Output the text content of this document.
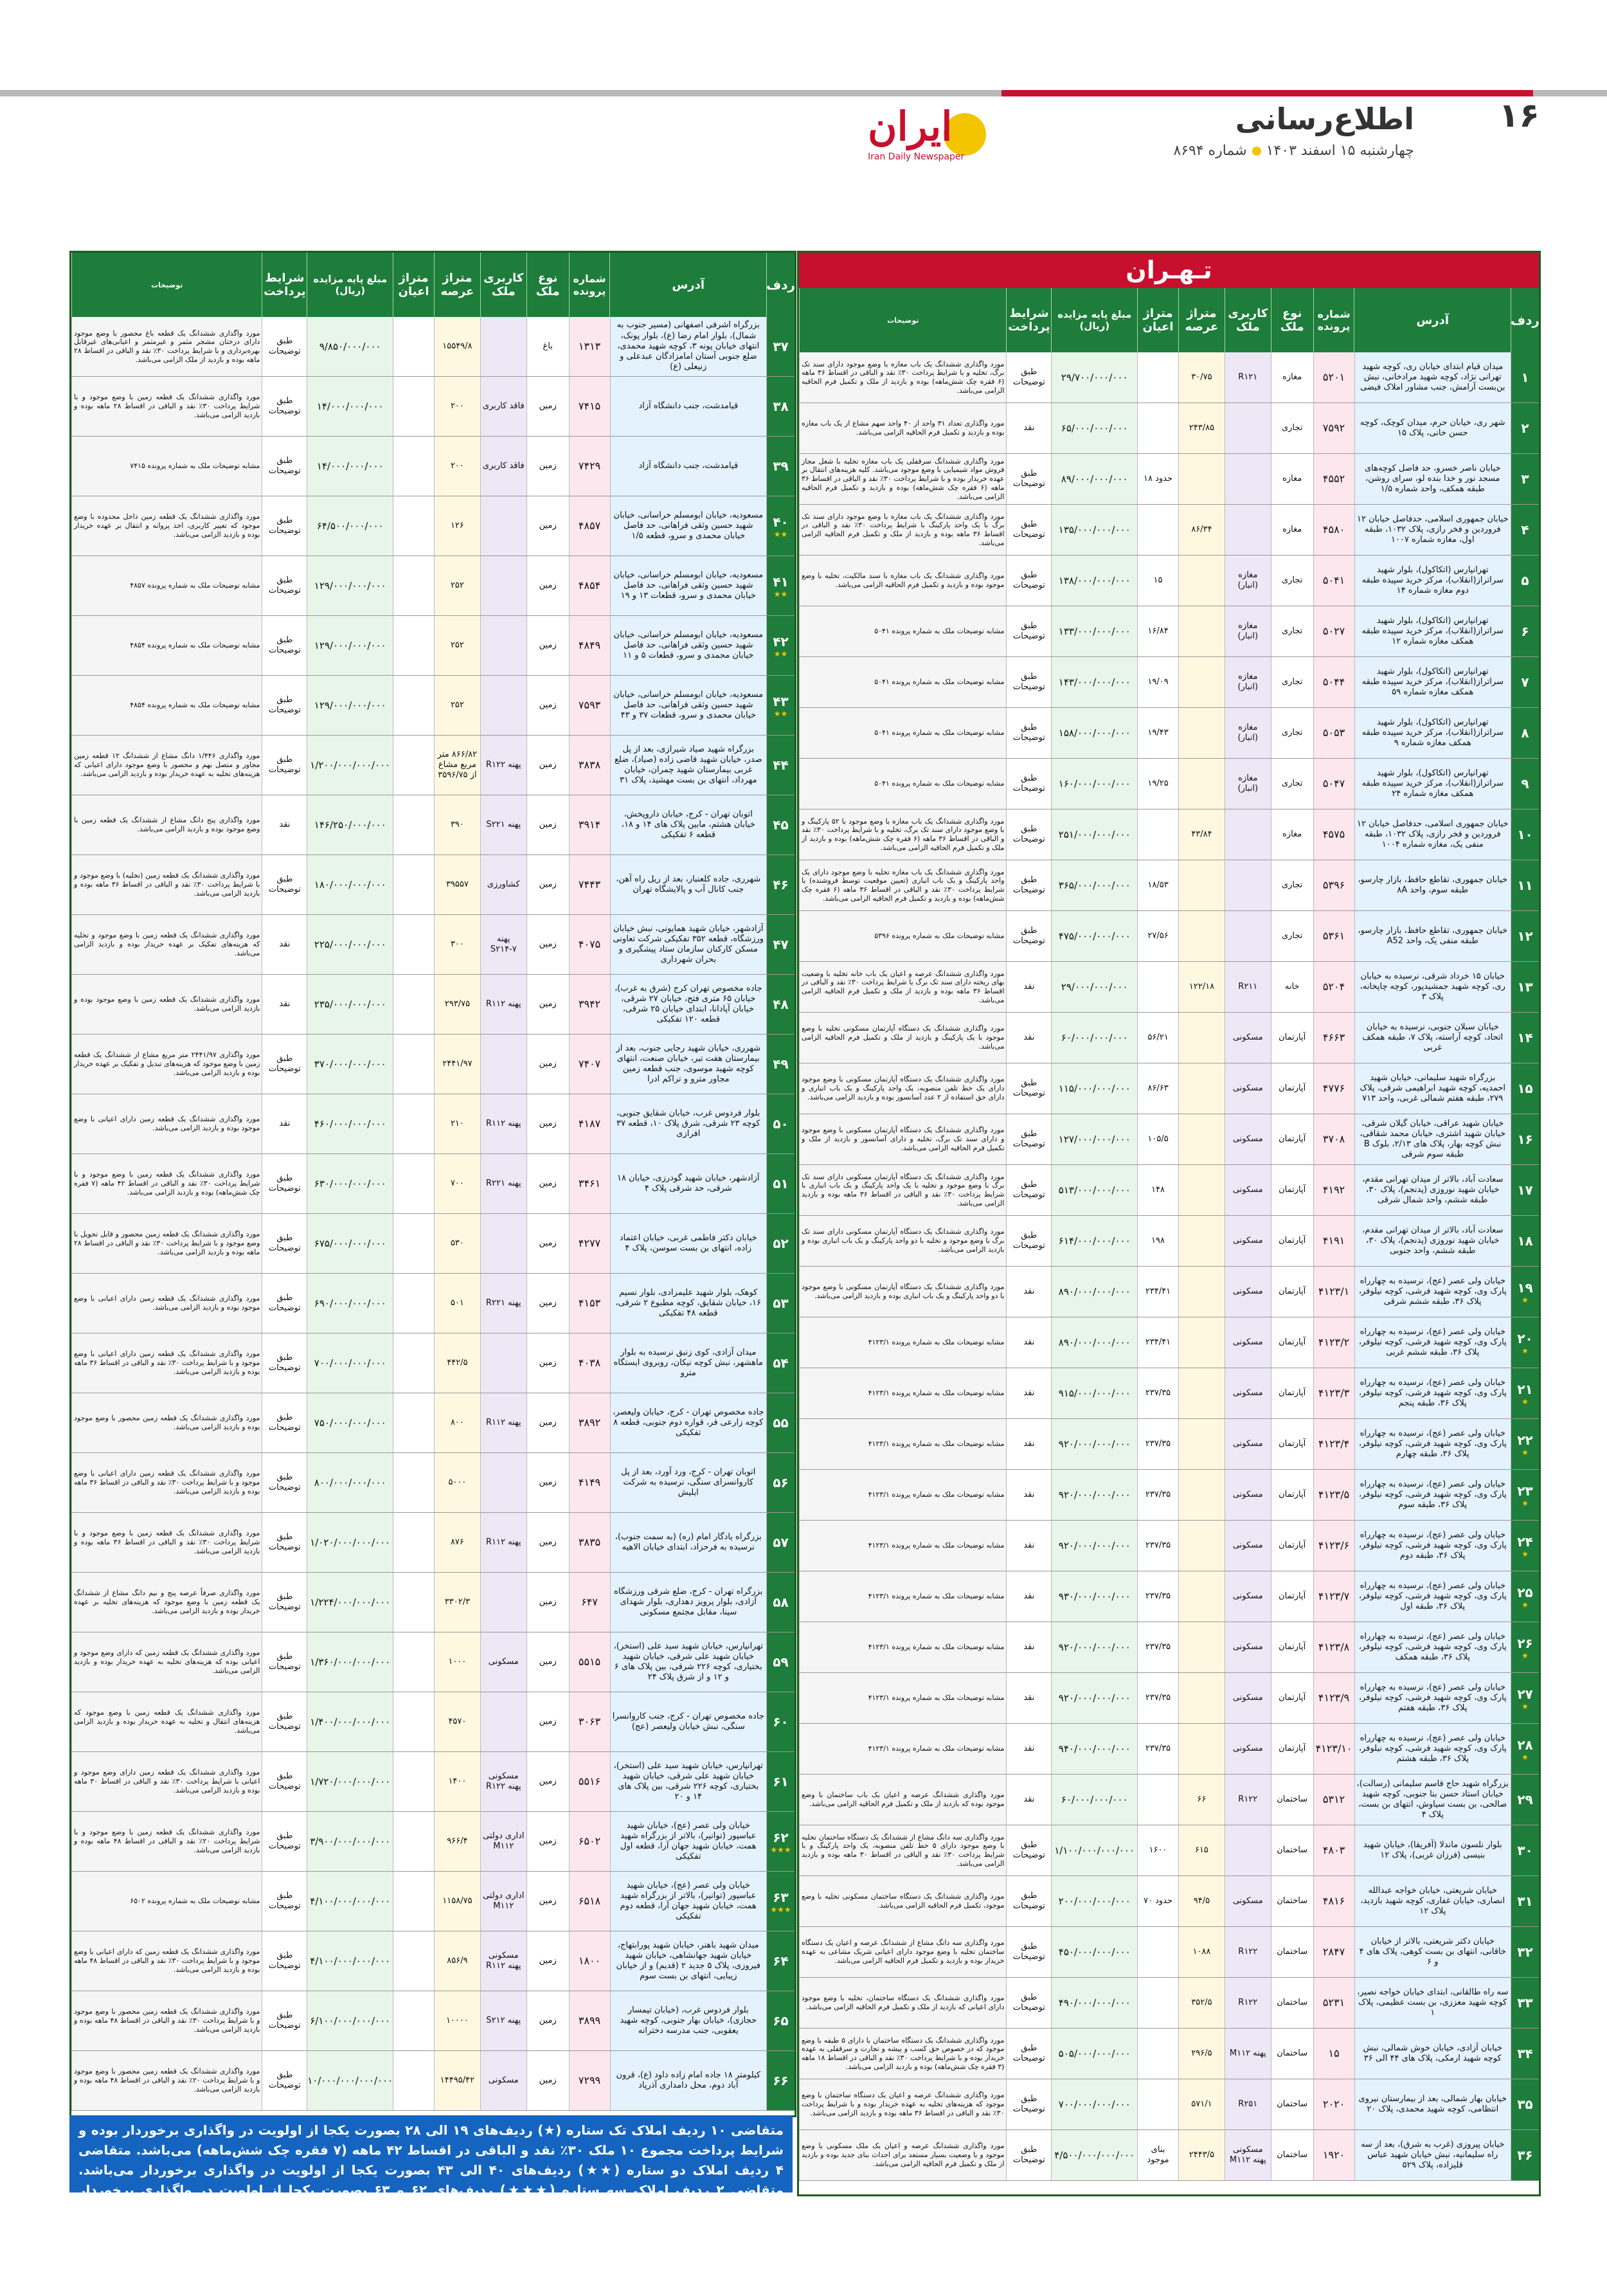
۱۶
اطلاع‌رسانی
چهارشنبه ۱۵ اسفند ۱۴۰۳شماره ۸۶۹۴
ایران
Iran Daily Newspaper
تـهـران
ردف
آدرس
شماره پرونده
نوع ملک
کاربری ملک
متراژ عرصه
متراژ اعیان
مبلغ پایه مزایده (ریال)
شرایط پرداخت
توضیحات
۱
میدان قیام ابتدای خیابان ری، کوچه شهید تهرانی نژاد، کوچه شهید مرادخانی، نبش بن‌بست آرامش، جنب مشاور املاک فیضی
۵۲۰۱
مغازه
R۱۲۱
۳۰/۷۵
۲۹/۷۰۰/۰۰۰/۰۰۰
طبق توضیحات
مورد واگذاری ششدانگ یک باب مغازه با وضع موجود دارای سند تک برگ، تخلیه و با شرایط پرداخت ۳۰٪ نقد و الباقی در اقساط ۳۶ ماهه (۶ فقره چک شش‌ماهه) بوده و بازدید از ملک و تکمیل فرم الحاقیه الزامی می‌باشد.
۲
شهر ری، خیابان حرم، میدان کوچک، کوچه حسن خانی، پلاک ۱۵
۷۵۹۲
تجاری
۲۴۳/۸۵
۶۵/۰۰۰/۰۰۰/۰۰۰
نقد
مورد واگذاری تعداد ۳۱ واحد از ۴۰ واحد سهم مشاع از یک باب مغازه بوده و بازدید و تکمیل فرم الحاقیه الزامی می‌باشد.
۳
خیابان ناصر خسرو، حد فاصل کوچه‌های مسجد نور و خدا بنده لو، سرای روشن، طبقه همکف، واحد شماره ۱/۵
۴۵۵۲
مغازه
حدود ۱۸
۸۹/۰۰۰/۰۰۰/۰۰۰
طبق توضیحات
مورد واگذاری ششدانگ سرقفلی یک باب مغازه تخلیه با شغل مجاز فروش مواد شیمیایی با وضع موجود می‌باشد. کلیه هزینه‌های انتقال بر عهده خریدار بوده و با شرایط پرداخت ۳۰٪ نقد و الباقی در اقساط ۳۶ ماهه (۶ فقره چک شش‌ماهه) بوده و بازدید و تکمیل فرم الحاقیه الزامی می‌باشد.
۴
خیابان جمهوری اسلامی، حدفاصل خیابان ۱۲ فروردین و فخر رازی، پلاک ۱۰۳۲، طبقه اول، مغازه شماره ۱۰۰۷
۴۵۸۰
مغازه
۸۶/۳۴
۱۳۵/۰۰۰/۰۰۰/۰۰۰
طبق توضیحات
مورد واگذاری ششدانگ یک باب مغازه با وضع موجود دارای سند تک برگ با یک واحد پارکینگ با شرایط پرداخت ۳۰٪ نقد و الباقی در اقساط ۳۶ ماهه بوده و بازدید از ملک و تکمیل فرم الحاقیه الزامی می‌باشد.
۵
تهرانپارس (اتکاکول)، بلوار شهید سراتراز(انقلاب)، مرکز خرید سپیده طبقه دوم مغازه شماره ۱۴
۵۰۴۱
تجاری
مغازه (انبار)
۱۵
۱۳۸/۰۰۰/۰۰۰/۰۰۰
طبق توضیحات
مورد واگذاری ششدانگ یک باب مغازه با سند مالکیت، تخلیه با وضع موجود بوده و بازدید و تکمیل فرم الحاقیه الزامی می‌باشد.
۶
تهرانپارس (اتکاکول)، بلوار شهید سراتراز(انقلاب)، مرکز خرید سپیده طبقه همکف مغازه شماره ۱۲
۵۰۲۷
تجاری
مغازه (انبار)
۱۶/۸۴
۱۳۳/۰۰۰/۰۰۰/۰۰۰
طبق توضیحات
مشابه توضیحات ملک به شماره پرونده ۵۰۴۱
۷
تهرانپارس (اتکاکول)، بلوار شهید سراتراز(انقلاب)، مرکز خرید سپیده طبقه همکف مغازه شماره ۵۹
۵۰۴۴
تجاری
مغازه (انبار)
۱۹/۰۹
۱۴۳/۰۰۰/۰۰۰/۰۰۰
طبق توضیحات
مشابه توضیحات ملک به شماره پرونده ۵۰۴۱
۸
تهرانپارس (اتکاکول)، بلوار شهید سراتراز(انقلاب)، مرکز خرید سپیده طبقه همکف مغازه شماره ۹
۵۰۵۳
تجاری
مغازه (انبار)
۱۹/۴۳
۱۵۸/۰۰۰/۰۰۰/۰۰۰
طبق توضیحات
مشابه توضیحات ملک به شماره پرونده ۵۰۴۱
۹
تهرانپارس (اتکاکول)، بلوار شهید سراتراز(انقلاب)، مرکز خرید سپیده طبقه همکف مغازه شماره ۲۴
۵۰۴۷
تجاری
مغازه (انبار)
۱۹/۲۵
۱۶۰/۰۰۰/۰۰۰/۰۰۰
طبق توضیحات
مشابه توضیحات ملک به شماره پرونده ۵۰۴۱
۱۰
خیابان جمهوری اسلامی، حدفاصل خیابان ۱۲ فروردین و فخر رازی، پلاک ۱۰۳۲، طبقه منفی یک، مغازه شماره ۱۰۰۴
۴۵۷۵
مغازه
۴۳/۸۴
۲۵۱/۰۰۰/۰۰۰/۰۰۰
طبق توضیحات
مورد واگذاری ششدانگ یک باب مغازه با وضع موجود با ۵۲ پارکینگ و با وضع موجود دارای سند تک برگ، تخلیه و با شرایط پرداخت ۳۰٪ نقد و الباقی در اقساط ۳۶ ماهه (۶ فقره چک شش‌ماهه) بوده و بازدید از ملک و تکمیل فرم الحاقیه الزامی می‌باشد.
۱۱
خیابان جمهوری، تقاطع حافظ، بازار چارسو، طبقه سوم، واحد ۸A
۵۳۹۶
تجاری
۱۸/۵۳
۳۶۵/۰۰۰/۰۰۰/۰۰۰
طبق توضیحات
مورد واگذاری ششدانگ یک باب مغازه تخلیه با وضع موجود دارای یک واحد پارکینگ و یک باب انباری (تعیین موقعیت توسط فروشنده) با شرایط پرداخت ۳۰٪ نقد و الباقی در اقساط ۳۶ ماهه (۶ فقره چک شش‌ماهه) بوده و بازدید و تکمیل فرم الحاقیه الزامی می‌باشد.
۱۲
خیابان جمهوری، تقاطع حافظ، بازار چارسو، طبقه منفی یک، واحد A52
۵۳۶۱
تجاری
۲۷/۵۶
۴۷۵/۰۰۰/۰۰۰/۰۰۰
طبق توضیحات
مشابه توضیحات ملک به شماره پرونده ۵۳۹۶
۱۳
خیابان ۱۵ خرداد شرقی، نرسیده به خیابان ری، کوچه شهید جمشیدپور، کوچه چاپخانه، پلاک ۳
۵۲۰۴
خانه
R۲۱۱
۱۲۲/۱۸
۲۹/۰۰۰/۰۰۰/۰۰۰
نقد
مورد واگذاری ششدانگ عرصه و اعیان یک باب خانه تخلیه با وضعیت بهای ریخته دارای سند تک برگ با شرایط پرداخت ۳۰٪ نقد و الباقی در اقساط ۳۶ ماهه بوده و بازدید از ملک و تکمیل فرم الحاقیه الزامی می‌باشد.
۱۴
خیابان سبلان جنوبی، نرسیده به خیابان اتحاد، کوچه آراسته، پلاک ۷، طبقه همکف غربی
۴۶۶۳
آپارتمان
مسکونی
۵۶/۲۱
۶۰/۰۰۰/۰۰۰/۰۰۰
نقد
مورد واگذاری ششدانگ یک دستگاه آپارتمان مسکونی تخلیه با وضع موجود با یک پارکینگ و بازدید از ملک و تکمیل فرم الحاقیه الزامی می‌باشد.
۱۵
بزرگراه شهید سلیمانی، خیابان شهید احمدیه، کوچه شهید ابراهیمی شرقی، پلاک ۲۷۹، طبقه هفتم شمالی غربی، واحد ۷۱۳
۴۷۷۶
آپارتمان
مسکونی
۸۶/۶۳
۱۱۵/۰۰۰/۰۰۰/۰۰۰
طبق توضیحات
مورد واگذاری ششدانگ یک دستگاه آپارتمان مسکونی با وضع موجود دارای یک خط تلفن منصوبه، یک واحد پارکینگ و یک باب انباری و دارای حق استفاده از ۲ عدد آسانسور بوده و بازدید الزامی می‌باشد.
۱۶
خیابان شهید عراقی، خیابان گیلان شرقی، خیابان شهید اشتری، خیابان محمد شقاقی، نبش کوچه بهار، پلاک های ۲/۱۳، بلوک B طبقه سوم شرقی
۳۷۰۸
آپارتمان
مسکونی
۱۰۵/۵
۱۲۷/۰۰۰/۰۰۰/۰۰۰
طبق توضیحات
مورد واگذاری ششدانگ یک دستگاه آپارتمان مسکونی با وضع موجود و دارای سند تک برگ، تخلیه و دارای آسانسور و بازدید از ملک و تکمیل فرم الحاقیه الزامی می‌باشد.
۱۷
سعادت آباد، بالاتر از میدان تهرانی مقدم، خیابان شهید نوروزی (پدنجم)، پلاک ۳۰، طبقه ششم، واحد شمال شرقی
۴۱۹۲
آپارتمان
مسکونی
۱۴۸
۵۱۳/۰۰۰/۰۰۰/۰۰۰
طبق توضیحات
مورد واگذاری ششدانگ یک دستگاه آپارتمان مسکونی دارای سند تک برگ با وضع موجود و تخلیه با یک واحد پارکینگ و یک باب انباری با شرایط پرداخت ۳۰٪ نقد و الباقی در اقساط ۳۶ ماهه بوده و بازدید الزامی می‌باشد.
۱۸
سعادت آباد، بالاتر از میدان تهرانی مقدم، خیابان شهید نوروزی (پدنجم)، پلاک ۳۰، طبقه ششم، واحد جنوبی
۴۱۹۱
آپارتمان
مسکونی
۱۹۸
۶۱۴/۰۰۰/۰۰۰/۰۰۰
طبق توضیحات
مورد واگذاری ششدانگ یک دستگاه آپارتمان مسکونی دارای سند تک برگ با وضع موجود و تخلیه با دو واحد پارکینگ و یک باب انباری بوده و بازدید الزامی می‌باشد.
۱۹
★
خیابان ولی عصر (عج)، نرسیده به چهارراه پارک وی، کوچه شهید فرشی، کوچه نیلوفر، پلاک ۳۶، طبقه ششم شرقی
۴۱۲۳/۱
آپارتمان
مسکونی
۲۳۴/۴۱
۸۹۰/۰۰۰/۰۰۰/۰۰۰
نقد
مورد واگذاری ششدانگ یک دستگاه آپارتمان مسکونی با وضع موجود با دو واحد پارکینگ و یک باب انباری بوده و بازدید الزامی می‌باشد.
۲۰
★
خیابان ولی عصر (عج)، نرسیده به چهارراه پارک وی، کوچه شهید فرشی، کوچه نیلوفر، پلاک ۳۶، طبقه ششم غربی
۴۱۲۳/۲
آپارتمان
مسکونی
۲۳۴/۴۱
۸۹۰/۰۰۰/۰۰۰/۰۰۰
نقد
مشابه توضیحات ملک به شماره پرونده ۴۱۲۳/۱
۲۱
★
خیابان ولی عصر (عج)، نرسیده به چهارراه پارک وی، کوچه شهید فرشی، کوچه نیلوفر، پلاک ۳۶، طبقه پنجم
۴۱۲۳/۳
آپارتمان
مسکونی
۲۳۷/۳۵
۹۱۵/۰۰۰/۰۰۰/۰۰۰
نقد
مشابه توضیحات ملک به شماره پرونده ۴۱۲۳/۱
۲۲
★
خیابان ولی عصر (عج)، نرسیده به چهارراه پارک وی، کوچه شهید فرشی، کوچه نیلوفر، پلاک ۳۶، طبقه چهارم
۴۱۲۳/۴
آپارتمان
مسکونی
۲۳۷/۳۵
۹۲۰/۰۰۰/۰۰۰/۰۰۰
نقد
مشابه توضیحات ملک به شماره پرونده ۴۱۲۳/۱
۲۳
★
خیابان ولی عصر (عج)، نرسیده به چهارراه پارک وی، کوچه شهید فرشی، کوچه نیلوفر، پلاک ۳۶، طبقه سوم
۴۱۲۳/۵
آپارتمان
مسکونی
۲۳۷/۳۵
۹۲۰/۰۰۰/۰۰۰/۰۰۰
نقد
مشابه توضیحات ملک به شماره پرونده ۴۱۲۳/۱
۲۴
★
خیابان ولی عصر (عج)، نرسیده به چهارراه پارک وی، کوچه شهید فرشی، کوچه نیلوفر، پلاک ۳۶، طبقه دوم
۴۱۲۳/۶
آپارتمان
مسکونی
۲۳۷/۳۵
۹۲۰/۰۰۰/۰۰۰/۰۰۰
نقد
مشابه توضیحات ملک به شماره پرونده ۴۱۲۳/۱
۲۵
★
خیابان ولی عصر (عج)، نرسیده به چهارراه پارک وی، کوچه شهید فرشی، کوچه نیلوفر، پلاک ۳۶، طبقه اول
۴۱۲۳/۷
آپارتمان
مسکونی
۲۳۷/۳۵
۹۳۰/۰۰۰/۰۰۰/۰۰۰
نقد
مشابه توضیحات ملک به شماره پرونده ۴۱۲۳/۱
۲۶
★
خیابان ولی عصر (عج)، نرسیده به چهارراه پارک وی، کوچه شهید فرشی، کوچه نیلوفر، پلاک ۳۶، طبقه همکف
۴۱۲۳/۸
آپارتمان
مسکونی
۲۳۷/۳۵
۹۲۰/۰۰۰/۰۰۰/۰۰۰
نقد
مشابه توضیحات ملک به شماره پرونده ۴۱۲۳/۱
۲۷
★
خیابان ولی عصر (عج)، نرسیده به چهارراه پارک وی، کوچه شهید فرشی، کوچه نیلوفر، پلاک ۳۶، طبقه هفتم
۴۱۲۳/۹
آپارتمان
مسکونی
۲۳۷/۳۵
۹۲۰/۰۰۰/۰۰۰/۰۰۰
نقد
مشابه توضیحات ملک به شماره پرونده ۴۱۲۳/۱
۲۸
★
خیابان ولی عصر (عج)، نرسیده به چهارراه پارک وی، کوچه شهید فرشی، کوچه نیلوفر، پلاک ۳۶، طبقه هشتم
۴۱۲۳/۱۰
آپارتمان
مسکونی
۲۳۷/۳۵
۹۴۰/۰۰۰/۰۰۰/۰۰۰
نقد
مشابه توضیحات ملک به شماره پرونده ۴۱۲۳/۱
۲۹
بزرگراه شهید حاج قاسم سلیمانی (رسالت)، خیابان استاد حسن بنا جنوبی، کوچه شهید صالحی، بن بست سیاوش، انتهای بن بست، پلاک ۴
۵۳۱۲
ساختمان
R۱۲۲
۶۶
۶۰/۰۰۰/۰۰۰/۰۰۰
نقد
مورد واگذاری ششدانگ عرصه و اعیان یک باب ساختمان با وضع موجود بوده که بازدید از ملک و تکمیل فرم الحاقیه الزامی می‌باشد.
۳۰
بلوار نلسون ماندلا (آفریقا)، خیابان شهید بنیسی (فرزان غربی)، پلاک ۱۲
۴۸۰۳
ساختمان
۶۱۵
۱۶۰۰
۱/۱۰۰/۰۰۰/۰۰۰/۰۰۰
طبق توضیحات
مورد واگذاری سه دانگ مشاع از ششدانگ یک دستگاه ساختمان تخلیه با وضع موجود دارای ۵ خط تلفن منصوبه، یک واحد پارکینگ و با شرایط پرداخت ۳۰٪ نقد و الباقی در اقساط ۳۰ ماهه بوده و بازدید الزامی می‌باشد.
۳۱
خیابان شریعتی، خیابان خواجه عبدالله انصاری، خیابان غفاری، کوچه شهید بازدید، پلاک ۱۲
۴۸۱۶
ساختمان
مسکونی
۹۴/۵
حدود ۷۰
۲۰۰/۰۰۰/۰۰۰/۰۰۰
طبق توضیحات
مورد واگذاری ششدانگ یک دستگاه ساختمان مسکونی تخلیه با وضع موجود، تکمیل فرم الحاقیه الزامی می‌باشد.
۳۲
خیابان دکتر شریعتی، بالاتر از خیابان خاقانی، انتهای بن بست کوهی، پلاک های ۴ و ۶
۲۸۴۷
ساختمان
R۱۲۲
۱۰۸۸
۴۵۰/۰۰۰/۰۰۰/۰۰۰
طبق توضیحات
مورد واگذاری سه دانگ مشاع از ششدانگ عرصه و اعیان یک دستگاه ساختمان تخلیه با وضع موجود دارای اعیانی شریک مشاعی به عهده خریدار بوده و بازدید و تکمیل فرم الحاقیه الزامی می‌باشد.
۳۳
سه راه طالقانی، ابتدای خیابان خواجه نصیر، کوچه شهید معززی، بن بست عظیمی، پلاک ۱
۵۲۳۱
ساختمان
R۱۲۲
۳۵۲/۵
۴۹۰/۰۰۰/۰۰۰/۰۰۰
طبق توضیحات
مورد واگذاری ششدانگ یک دستگاه ساختمان، تخلیه با وضع موجود دارای اعیانی که بازدید از ملک و تکمیل فرم الحاقیه الزامی می‌باشد.
۳۴
خیابان آزادی، خیابان خوش شمالی، نبش کوچه شهید ارمکی، پلاک های ۴۴ الی ۳۶
۱۵
ساختمان
پهنه M۱۱۲
۲۹۶/۵
۵۰۵/۰۰۰/۰۰۰/۰۰۰
طبق توضیحات
مورد واگذاری ششدانگ یک دستگاه ساختمان با دارای ۵ طبقه با وضع موجود که در خصوص حق کسب و پیشه و تجارت و سرقفلی به عهده خریدار بوده و با شرایط پرداخت ۳۰٪ نقد و الباقی در اقساط ۱۸ ماهه (۳ فقره چک شش‌ماهه) بوده و بازدید الزامی می‌باشد.
۳۵
خیابان بهار شمالی، بعد از بیمارستان نیروی انتظامی، کوچه شهید محمدی، پلاک ۲۰
۲۰۲۰
ساختمان
R۲۵۱
۵۷۱/۱
۷۰۰/۰۰۰/۰۰۰/۰۰۰
طبق توضیحات
مورد واگذاری ششدانگ عرصه و اعیان یک دستگاه ساختمان با وضع موجود که هزینه‌های تخلیه به عهده خریدار بوده و با شرایط پرداخت ۳۰٪ نقد و الباقی در اقساط ۳۶ ماهه بوده و بازدید الزامی می‌باشد.
۳۶
خیابان پیروزی (غرب به شرق)، بعد از سه راه سلیمانیه، نبش خیابان شهید عباس قلیزاده، پلاک ۵۲۹
۱۹۲۰
ساختمان
مسکونی پهنه M۱۱۲
۲۴۴۳/۵
بنای موجود
۴/۵۰۰/۰۰۰/۰۰۰/۰۰۰
طبق توضیحات
مورد واگذاری ششدانگ عرصه و اعیان یک ملک مسکونی با وضع موجود و با وضعیت بسیار مستعد برای احداث بنای جدید بوده و بازدید از ملک و تکمیل فرم الحاقیه الزامی می‌باشد.
ردف
آدرس
شماره پرونده
نوع ملک
کاربری ملک
متراژ عرصه
متراژ اعیان
مبلغ پایه مزایده (ریال)
شرایط پرداخت
توضیحات
۳۷
بزرگراه اشرفی اصفهانی (مسیر جنوب به شمال)، بلوار امام رضا (ع)، بلوار پونک، انتهای خیابان پونه ۳، کوچه شهید محمدی، ضلع جنوبی آستان امامزادگان عبدعلی و زنیعلی (ع)
۱۳۱۳
باغ
۱۵۵۴۹/۸
۹/۸۵۰/۰۰۰/۰۰۰
طبق توضیحات
مورد واگذاری ششدانگ یک قطعه باغ محصور با وضع موجود دارای درختان مشجر مثمر و غیرمثمر و اعیانی‌های غیرقابل بهره‌برداری و با شرایط پرداخت ۳۰٪ نقد و الباقی در اقساط ۲۸ ماهه بوده و بازدید از ملک الزامی می‌باشد.
۳۸
قیامدشت، جنب دانشگاه آزاد
۷۴۱۵
زمین
فاقد کاربری
۲۰۰
۱۴/۰۰۰/۰۰۰/۰۰۰
طبق توضیحات
مورد واگذاری ششدانگ یک قطعه زمین با وضع موجود و با شرایط پرداخت ۳۰٪ نقد و الباقی در اقساط ۲۸ ماهه بوده و بازدید الزامی می‌باشد.
۳۹
قیامدشت، جنب دانشگاه آزاد
۷۴۲۹
زمین
فاقد کاربری
۲۰۰
۱۴/۰۰۰/۰۰۰/۰۰۰
طبق توضیحات
مشابه توضیحات ملک به شماره پرونده ۷۴۱۵
۴۰
★★
مسعودیه، خیابان ابومسلم خراسانی، خیابان شهید حسین وثقی فراهانی، حد فاصل خیابان محمدی و سرو، قطعه ۱/۵
۴۸۵۷
زمین
۱۲۶
۶۴/۵۰۰/۰۰۰/۰۰۰
طبق توضیحات
مورد واگذاری ششدانگ یک قطعه زمین داخل محدوده با وضع موجود که تغییر کاربری، اخذ پروانه و انتقال بر عهده خریدار بوده و بازدید الزامی می‌باشد.
۴۱
★★
مسعودیه، خیابان ابومسلم خراسانی، خیابان شهید حسین وثقی فراهانی، حد فاصل خیابان محمدی و سرو، قطعات ۱۳ و ۱۹
۴۸۵۴
زمین
۲۵۲
۱۲۹/۰۰۰/۰۰۰/۰۰۰
طبق توضیحات
مشابه توضیحات ملک به شماره پرونده ۴۸۵۷
۴۲
★★
مسعودیه، خیابان ابومسلم خراسانی، خیابان شهید حسین وثقی فراهانی، حد فاصل خیابان محمدی و سرو، قطعات ۵ و ۱۱
۴۸۴۹
زمین
۲۵۲
۱۲۹/۰۰۰/۰۰۰/۰۰۰
طبق توضیحات
مشابه توضیحات ملک به شماره پرونده ۴۸۵۴
۴۳
★★
مسعودیه، خیابان ابومسلم خراسانی، خیابان شهید حسین وثقی فراهانی، حد فاصل خیابان محمدی و سرو، قطعات ۳۷ و ۴۳
۷۵۹۳
زمین
۲۵۲
۱۲۹/۰۰۰/۰۰۰/۰۰۰
طبق توضیحات
مشابه توضیحات ملک به شماره پرونده ۴۸۵۴
۴۴
بزرگراه شهید صیاد شیرازی، بعد از پل صدر، خیابان شهید قاضی زاده (صیاد)، ضلع غربی بیمارستان شهید چمران، خیابان مهرداد، انتهای بن بست مهشید، پلاک ۳۱
۳۸۳۸
زمین
پهنه R۱۲۲
۸۶۶/۸۲ متر مربع مشاع از ۳۵۹۶/۷۵
۱/۲۰۰/۰۰۰/۰۰۰/۰۰۰
طبق توضیحات
مورد واگذاری ۱/۴۴۶ دانگ مشاع از ششدانگ ۱۲ قطعه زمین مجاور و متصل بهم و محصور با وضع موجود دارای اعیانی که هزینه‌های تخلیه به عهده خریدار بوده و بازدید الزامی می‌باشد.
۴۵
اتوبان تهران - کرج، خیابان داروپخش، خیابان هشتم، مابین پلاک های ۱۴ و ۱۸، قطعه ۶ تفکیکی
۳۹۱۴
زمین
پهنه S۲۲۱
۳۹۰
۱۴۶/۲۵۰/۰۰۰/۰۰۰
نقد
مورد واگذاری پنج دانگ مشاع از ششدانگ یک قطعه زمین با وضع موجود بوده و بازدید الزامی می‌باشد.
۴۶
شهرری، جاده کلعنبار، بعد از ریل راه آهن، جنب کانال آب و پالایشگاه تهران
۷۴۴۳
زمین
کشاورزی
۳۹۵۵۷
۱۸۰/۰۰۰/۰۰۰/۰۰۰
طبق توضیحات
مورد واگذاری ششدانگ یک قطعه زمین (تخلیه) با وضع موجود و با شرایط پرداخت ۳۰٪ نقد و الباقی در اقساط ۳۶ ماهه بوده و بازدید الزامی می‌باشد.
۴۷
آزادشهر، خیابان شهید همایونی، نبش خیابان ورزشگاه، قطعه ۳۵۲ تفکیکی شرکت تعاونی مسکن کارکنان سازمان ستاد پیشگیری و بحران شهرداری
۴۰۷۵
زمین
پهنه S۲۱۴-۷
۳۰۰
۲۲۵/۰۰۰/۰۰۰/۰۰۰
نقد
مورد واگذاری ششدانگ یک قطعه زمین با وضع موجود و تخلیه که هزینه‌های تفکیک بر عهده خریدار بوده و بازدید الزامی می‌باشد.
۴۸
جاده مخصوص تهران کرج (شرق به غرب)، خیابان ۶۵ متری فتح، خیابان ۲۷ شرقی، خیابان آپادانا، ابتدای خیابان ۲۵ شرقی، قطعه ۱۲۰ تفکیکی
۳۹۴۲
زمین
پهنه R۱۱۲
۲۹۳/۷۵
۲۳۵/۰۰۰/۰۰۰/۰۰۰
نقد
مورد واگذاری ششدانگ یک قطعه زمین با وضع موجود بوده و بازدید الزامی می‌باشد.
۴۹
شهرری، خیابان شهید رجایی جنوب، بعد از بیمارستان هفت تیر، خیابان صنعت، انتهای کوچه شهید موسوی، جنب قطعه زمین مجاور مترو و تراکم ادرا
۷۴۰۷
زمین
۲۴۴۱/۹۷
۳۷۰/۰۰۰/۰۰۰/۰۰۰
طبق توضیحات
مورد واگذاری ۲۴۴۱/۹۷ متر مربع مشاع از ششدانگ یک قطعه زمین با وضع موجود که هزینه‌های تبدیل و تفکیک بر عهده خریدار بوده و بازدید الزامی می‌باشد.
۵۰
بلوار فردوس غرب، خیابان شقایق جنوبی، کوچه ۲۳ شرقی، شرق پلاک ۱۰، قطعه ۳۷ افرازی
۴۱۸۷
زمین
پهنه R۱۱۲
۲۱۰
۴۶۰/۰۰۰/۰۰۰/۰۰۰
نقد
مورد واگذاری ششدانگ یک قطعه زمین دارای اعیانی با وضع موجود بوده و بازدید الزامی می‌باشد.
۵۱
آزادشهر، خیابان شهید گودرزی، خیابان ۱۸ شرقی، حد شرقی پلاک ۴
۳۴۶۱
زمین
پهنه R۲۲۱
۷۰۰
۶۳۰/۰۰۰/۰۰۰/۰۰۰
طبق توضیحات
مورد واگذاری ششدانگ یک قطعه زمین با وضع موجود و با شرایط پرداخت ۳۰٪ نقد و الباقی در اقساط ۴۲ ماهه (۷ فقره چک شش‌ماهه) بوده و بازدید الزامی می‌باشد.
۵۲
خیابان دکتر فاطمی غربی، خیابان اعتماد زاده، انتهای بن بست سوسن، پلاک ۴
۴۲۷۷
زمین
۵۳۰
۶۷۵/۰۰۰/۰۰۰/۰۰۰
طبق توضیحات
مورد واگذاری ششدانگ یک قطعه زمین محصور و قابل تحویل با وضع موجود و با شرایط پرداخت ۳۰٪ نقد و الباقی در اقساط ۲۸ ماهه بوده و بازدید الزامی می‌باشد.
۵۳
کوهک، بلوار شهید علیمرادی، بلوار نسیم ۱۶، خیابان شقایق، کوچه مطبوع ۲ شرقی، قطعه ۴۸ تفکیکی
۴۱۵۳
زمین
پهنه R۲۲۱
۵۰۱
۶۹۰/۰۰۰/۰۰۰/۰۰۰
طبق توضیحات
مورد واگذاری ششدانگ یک قطعه زمین دارای اعیانی با وضع موجود بوده و بازدید الزامی می‌باشد.
۵۴
میدان آزادی، کوی زنبق نرسیده به بلوار ماهشهر، نبش کوچه نیکان، روبروی ایستگاه مترو
۴۰۳۸
زمین
۴۴۲/۵
۷۰۰/۰۰۰/۰۰۰/۰۰۰
طبق توضیحات
مورد واگذاری ششدانگ یک قطعه زمین دارای اعیانی با وضع موجود و با شرایط پرداخت ۳۰٪ نقد و الباقی در اقساط ۳۶ ماهه بوده و بازدید الزامی می‌باشد.
۵۵
جاده مخصوص تهران - کرج، خیابان ولیعصر، کوچه زارعی فر، قواره دوم جنوبی، قطعه ۸ تفکیکی
۳۸۹۲
زمین
پهنه R۱۱۲
۸۰۰
۷۵۰/۰۰۰/۰۰۰/۰۰۰
طبق توضیحات
مورد واگذاری ششدانگ یک قطعه زمین محصور با وضع موجود بوده و بازدید الزامی می‌باشد.
۵۶
اتوبان تهران - کرج، ورد آورد، بعد از پل کاروانسرای سنگی، نرسیده به شرکت ایلیش
۴۱۴۹
زمین
۵۰۰۰
۸۰۰/۰۰۰/۰۰۰/۰۰۰
طبق توضیحات
مورد واگذاری ششدانگ یک قطعه زمین دارای اعیانی با وضع موجود و با شرایط پرداخت ۳۰٪ نقد و الباقی در اقساط ۳۶ ماهه بوده و بازدید الزامی می‌باشد.
۵۷
بزرگراه یادگار امام (ره) (به سمت جنوب)، نرسیده به فرحزاد، ابتدای خیابان الاهیه
۳۸۳۵
زمین
پهنه R۱۱۲
۸۷۶
۱/۰۲۰/۰۰۰/۰۰۰/۰۰۰
طبق توضیحات
مورد واگذاری ششدانگ یک قطعه زمین با وضع موجود و با شرایط پرداخت ۳۰٪ نقد و الباقی در اقساط ۳۶ ماهه بوده و بازدید الزامی می‌باشد.
۵۸
بزرگراه تهران - کرج، ضلع شرقی ورزشگاه آزادی، بلوار پرویز دهداری، بلوار شهدای سینا، مقابل مجتمع مسکونی
۶۴۷
زمین
۳۳۰۲/۳
۱/۲۲۴/۰۰۰/۰۰۰/۰۰۰
طبق توضیحات
مورد واگذاری صرفاً عرصه پنج و نیم دانگ مشاع از ششدانگ یک قطعه زمین با وضع موجود که هزینه‌های تخلیه بر عهده خریدار بوده و بازدید الزامی می‌باشد.
۵۹
تهرانپارس، خیابان شهید سید علی (استخر)، خیابان شهید علی شرقی، خیابان شهید بختیاری، کوچه ۲۲۶ شرقی، بین پلاک های ۶ و ۱۲ و از شرق پلاک ۲۴
۵۵۱۵
زمین
مسکونی
۱۰۰۰
۱/۳۶۰/۰۰۰/۰۰۰/۰۰۰
طبق توضیحات
مورد واگذاری ششدانگ یک قطعه زمین که دارای وضع موجود و اعیانی بوده که هزینه‌های تخلیه به عهده خریدار بوده و بازدید الزامی می‌باشد.
۶۰
جاده مخصوص تهران - کرج، جنب کاروانسرا سنگی، نبش خیابان ولیعصر (عج)
۳۰۶۳
زمین
۴۵۷۰
۱/۴۰۰/۰۰۰/۰۰۰/۰۰۰
طبق توضیحات
مورد واگذاری ششدانگ یک قطعه زمین با وضع موجود که هزینه‌های انتقال و تخلیه به عهده خریدار بوده و بازدید الزامی می‌باشد.
۶۱
تهرانپارس، خیابان شهید سید علی (استخر)، خیابان شهید علی شرقی، خیابان شهید بختیاری، کوچه ۲۲۶ شرقی، بین پلاک های ۱۴ و ۲۰
۵۵۱۶
زمین
مسکونی پهنه R۱۲۲
۱۴۰۰
۱/۷۲۰/۰۰۰/۰۰۰/۰۰۰
طبق توضیحات
مورد واگذاری ششدانگ یک قطعه زمین دارای وضع موجود و اعیانی با شرایط پرداخت ۳۰٪ نقد و الباقی در اقساط ۳۰ ماهه بوده و بازدید الزامی می‌باشد.
۶۲
★★★
خیابان ولی عصر (عج)، خیابان شهید عباسپور (توانیر)، بالاتر از بزرگراه شهید همت، خیابان شهید جهان آرا، قطعه اول تفکیکی
۶۵۰۲
زمین
اداری دولتی M۱۱۲
۹۶۶/۴
۳/۹۰۰/۰۰۰/۰۰۰/۰۰۰
طبق توضیحات
مورد واگذاری ششدانگ یک قطعه زمین با وضع موجود و با شرایط پرداخت ۲۰٪ نقد و الباقی در اقساط ۴۸ ماهه بوده و بازدید الزامی می‌باشد.
۶۳
★★★
خیابان ولی عصر (عج)، خیابان شهید عباسپور (توانیر)، بالاتر از بزرگراه شهید همت، خیابان شهید جهان آرا، قطعه دوم تفکیکی
۶۵۱۸
زمین
اداری دولتی M۱۱۲
۱۱۵۸/۷۵
۴/۱۰۰/۰۰۰/۰۰۰/۰۰۰
طبق توضیحات
مشابه توضیحات ملک به شماره پرونده ۶۵۰۲
۶۴
میدان شهید باهنر، خیابان شهید پورابتهاج، خیابان شهید جهانشاهی، خیابان شهید فیروزی، پلاک ۵ جدید ۲ (قدیم) و از خیابان زیبایی، انتهای بن بست سوم
۱۸۰۰
زمین
مسکونی پهنه R۱۱۲
۸۵۶/۹
۴/۱۰۰/۰۰۰/۰۰۰/۰۰۰
طبق توضیحات
مورد واگذاری ششدانگ یک قطعه زمین که دارای اعیانی با وضع موجود و با شرایط پرداخت ۳۰٪ نقد و الباقی در اقساط ۴۸ ماهه بوده و بازدید الزامی می‌باشد.
۶۵
بلوار فردوس غرب، (خیابان تیمسار حجازی)، خیابان بهار جنوبی، کوچه شهید یعقوبی، جنب مدرسه دخترانه
۳۸۹۹
زمین
پهنه S۲۱۲
۱۰۰۰۰
۶/۱۰۰/۰۰۰/۰۰۰/۰۰۰
طبق توضیحات
مورد واگذاری ششدانگ یک قطعه زمین محصور با وضع موجود و با شرایط پرداخت ۳۰٪ نقد و الباقی در اقساط ۴۸ ماهه بوده و بازدید الزامی می‌باشد.
۶۶
کیلومتر ۱۸ جاده امام زاده داود (ع)، قرون آباد دوم، محل دامداری آذرپاد
۷۲۹۹
زمین
مسکونی
۱۴۴۹۵/۴۲
۱۰/۰۰۰/۰۰۰/۰۰۰/۰۰۰
طبق توضیحات
مورد واگذاری ششدانگ یک قطعه زمین محصور با وضع موجود و با شرایط پرداخت ۲۰٪ نقد و الباقی در اقساط ۴۸ ماهه بوده و بازدید الزامی می‌باشد.
متقاضی ۱۰ ردیف املاک تک ستاره (★) ردیف‌های ۱۹ الی ۲۸ بصورت یکجا از اولویت در واگذاری برخوردار بوده و شرایط پرداخت مجموع ۱۰ ملک ۳۰٪ نقد و الباقی در اقساط ۴۲ ماهه (۷ فقره چک شش‌ماهه) می‌باشد. متقاضی ۴ ردیف املاک دو ستاره (★★) ردیف‌های ۴۰ الی ۴۳ بصورت یکجا از اولویت در واگذاری برخوردار می‌باشد. متقاضی ۲ ردیف املاک سه ستاره (★★★) ردیف‌های ۶۲ و ۶۳ بصورت یکجا از اولویت در واگذاری برخوردار می‌باشد.
